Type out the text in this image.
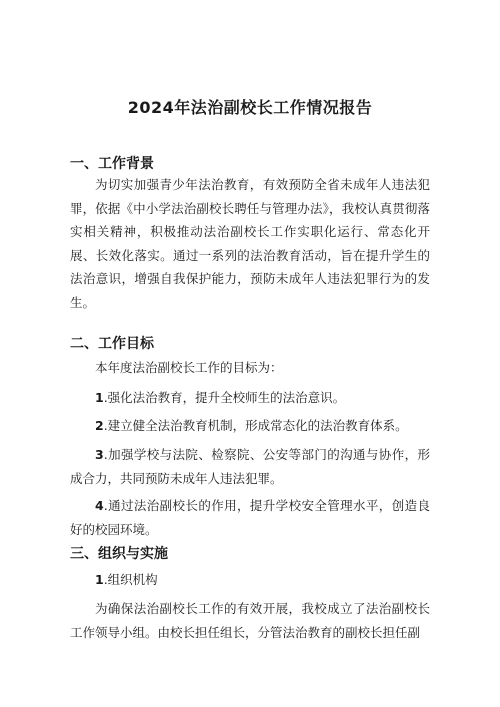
2024年法治副校长工作情况报告
一、工作背景
为切实加强青少年法治教育，有效预防全省未成年人违法犯罪，依据《中小学法治副校长聘任与管理办法》，我校认真贯彻落实相关精神，积极推动法治副校长工作实职化运行、常态化开展、长效化落实。通过一系列的法治教育活动，旨在提升学生的法治意识，增强自我保护能力，预防未成年人违法犯罪行为的发生。
二、工作目标
本年度法治副校长工作的目标为：
1.强化法治教育，提升全校师生的法治意识。
2.建立健全法治教育机制，形成常态化的法治教育体系。
3.加强学校与法院、检察院、公安等部门的沟通与协作，形成合力，共同预防未成年人违法犯罪。
4.通过法治副校长的作用，提升学校安全管理水平，创造良好的校园环境。
三、组织与实施
1.组织机构
为确保法治副校长工作的有效开展，我校成立了法治副校长工作领导小组。由校长担任组长，分管法治教育的副校长担任副
